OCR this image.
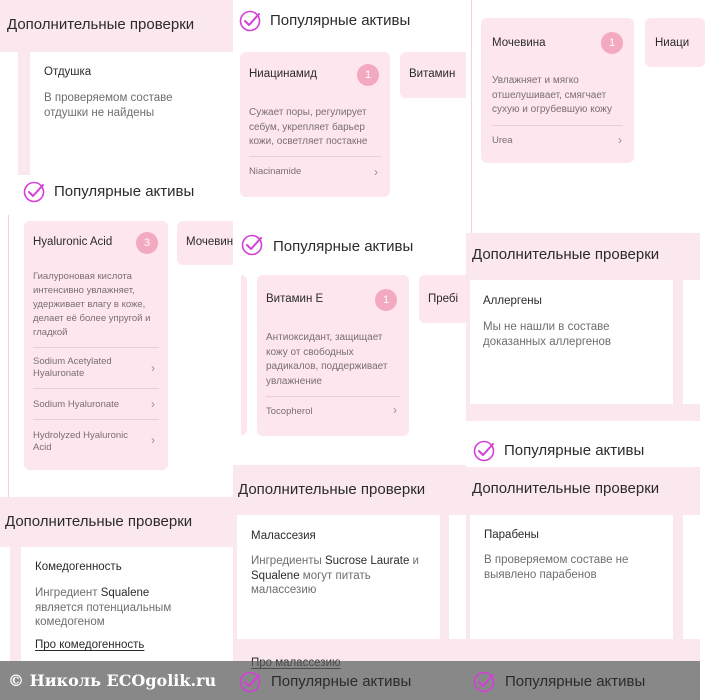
Дополнительные проверки
Отдушка
В проверяемом составе отдушки не найдены
Популярные активы
Hyaluronic Acid	3
Гиалуроновая кислота интенсивно увлажняет, удерживает влагу в коже, делает её более упругой и гладкой
Sodium Acetylated Hyaluronate	›
Sodium Hyaluronate	›
Hydrolyzed Hyaluronic Acid
›
Мочевин
Дополнительные проверки
Комедогенность
Ингредиент Squalene является потенциальным комедогеном
Про комедогенность
Популярные активы
Ниацинамид	1
Сужает поры, регулирует себум, укрепляет барьер кожи, осветляет постакне
Niacinamide	›
Витамин
Популярные активы
Витамин Е	1
Антиоксидант, защищает кожу от свободных радикалов, поддерживает увлажнение
Tocopherol	›
Пребі
Дополнительные проверки
Малассезия
Ингредиенты Sucrose Laurate и Squalene могут питать малассезию
Мочевина	1
Увлажняет и мягко отшелушивает, смягчает сухую и огрубевшую кожу
Urea	›
Ниаци
Дополнительные проверки
Аллергены
Мы не нашли в составе доказанных аллергенов
Популярные активы
Дополнительные проверки
Парабены
В проверяемом составе не выявлено парабенов
© Николь ECOgolik.ru	Популярные активы	Популярные активы
